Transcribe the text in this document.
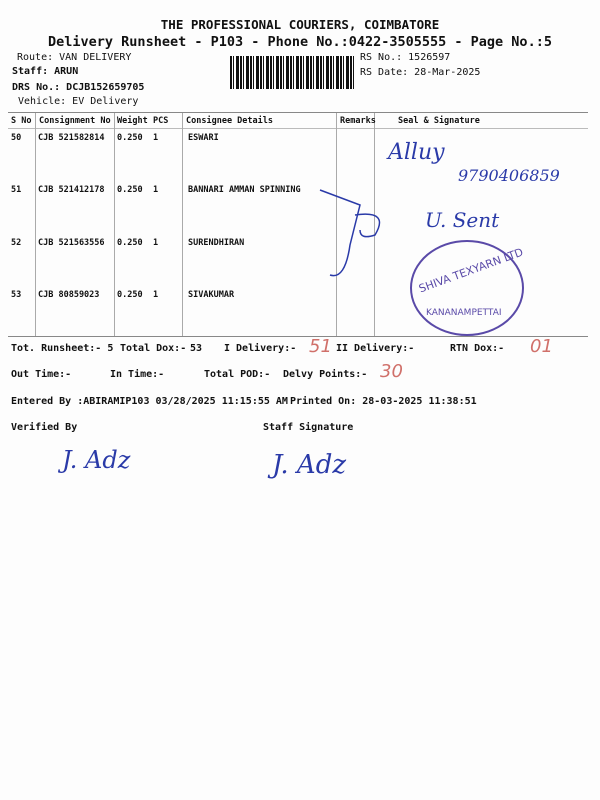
THE PROFESSIONAL COURIERS, COIMBATORE
Delivery Runsheet - P103 - Phone No.:0422-3505555 - Page No.:5
Route: VAN DELIVERY
Staff: ARUN
DRS No.: DCJB152659705
Vehicle: EV Delivery
RS No.: 1526597
RS Date: 28-Mar-2025
S No Consignment No Weight PCS Consignee Details	Remarks	Seal & Signature
50 CJB 521582814 0.250 1	ESWARI
51 CJB 521412178 0.250 1	BANNARI AMMAN SPINNING
52 CJB 521563556 0.250 1	SURENDHIRAN
53 CJB 80859023 0.250 1	SIVAKUMAR
Alluy
9790406859
U. Sent
SHIVA TEXYARN LTD
KANANAMPETTAI
Tot. Runsheet:- 5 Total Dox:- 53 I Delivery:- 51 II Delivery:-	RTN Dox:- 01
Out Time:-	In Time:-	Total POD:- Delvy Points:- 30
Entered By :ABIRAMIP103 03/28/2025 11:15:55 AM Printed On: 28-03-2025 11:38:51
Verified By	Staff Signature
J. Adz	J. Adz
